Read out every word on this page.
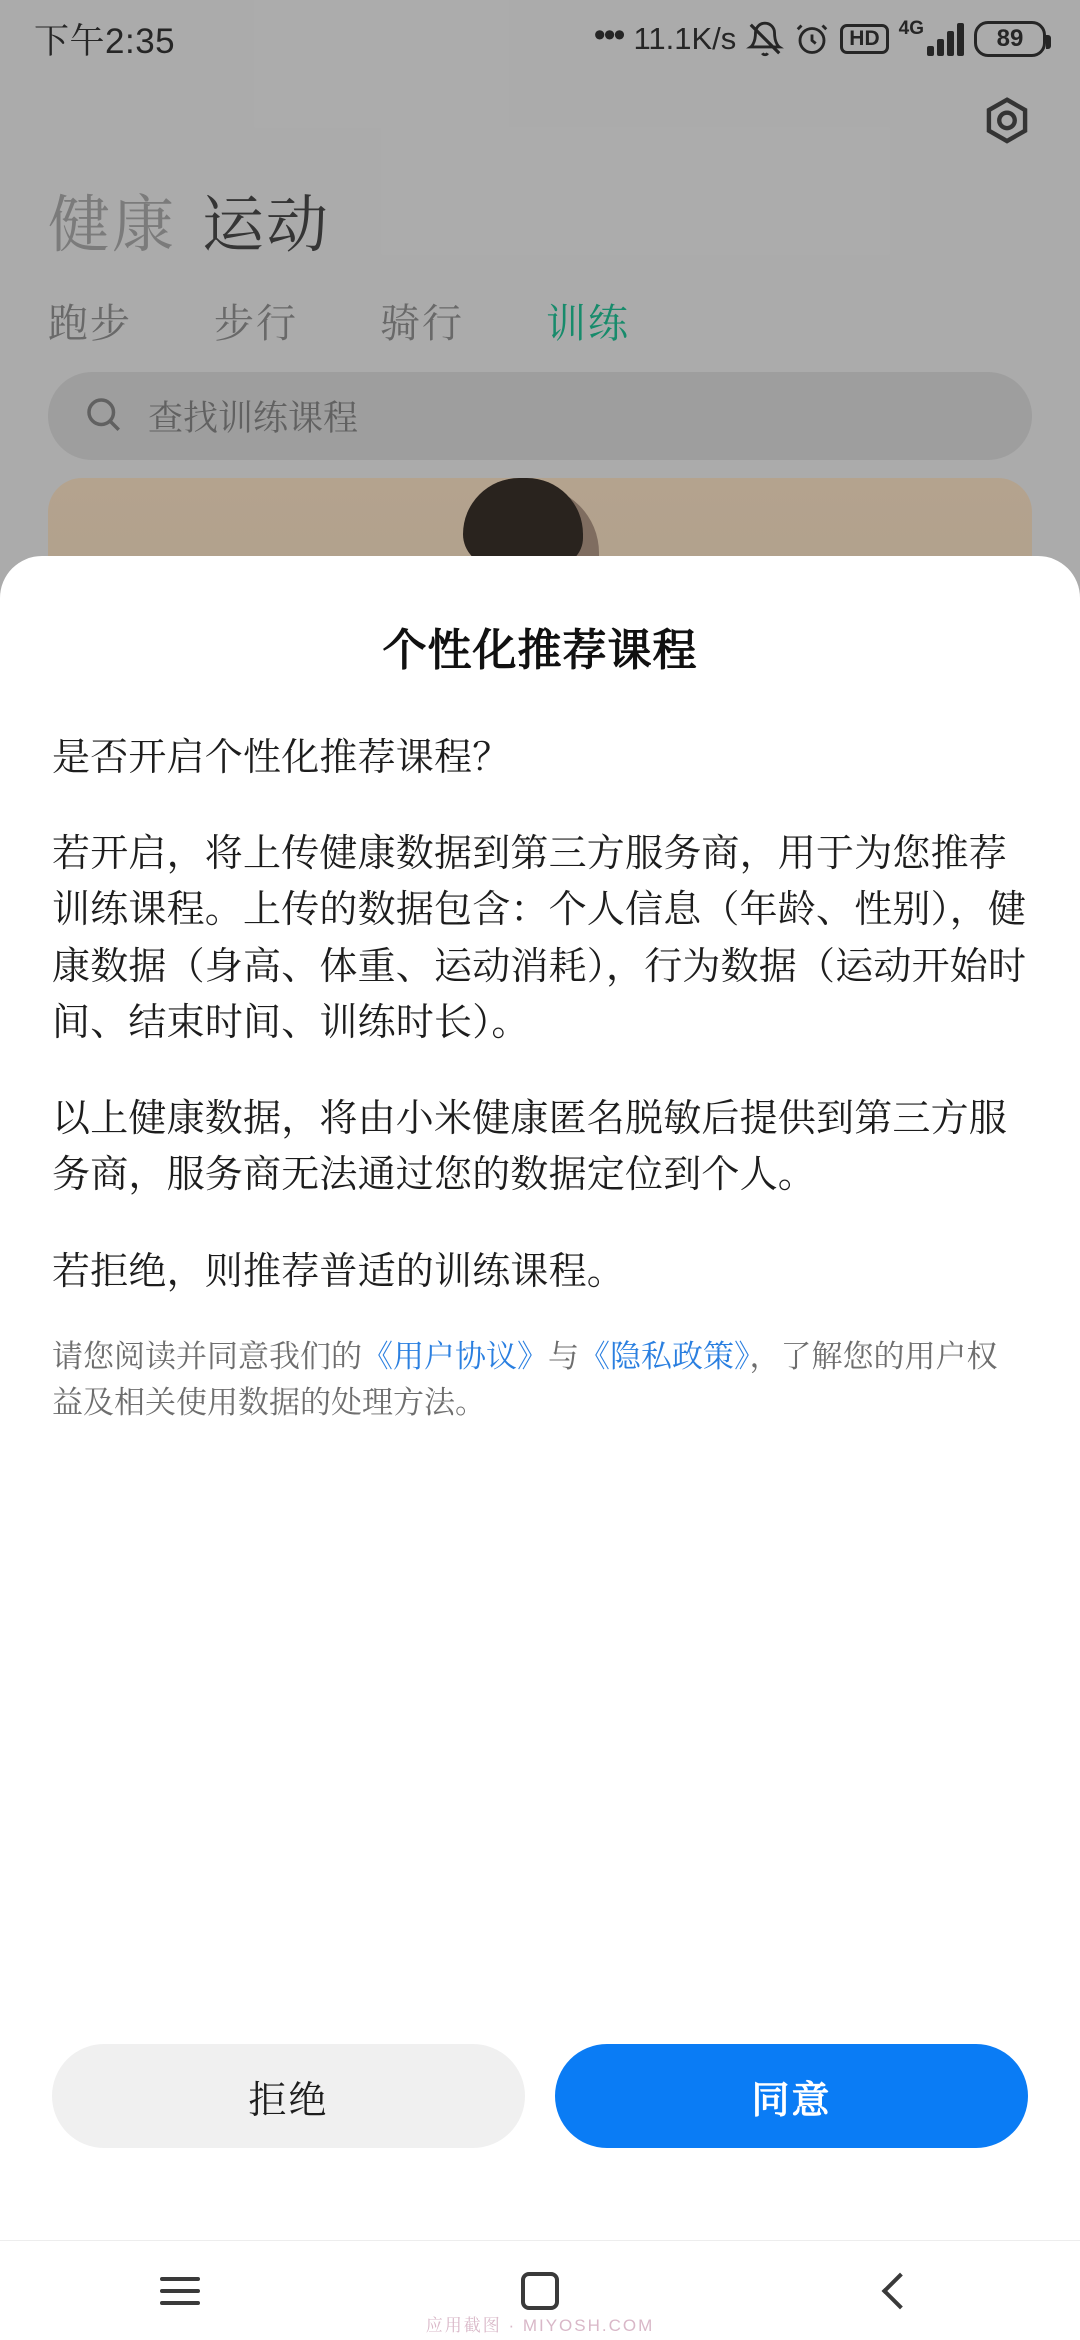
下午2:35	••• 11.1K/s	HD	4G	89
健康 运动
跑步 步行 骑行 训练
查找训练课程
个性化推荐课程

是否开启个性化推荐课程？

若开启，将上传健康数据到第三方服务商，用于为您推荐训练课程。上传的数据包含：个人信息（年龄、性别），健康数据（身高、体重、运动消耗），行为数据（运动开始时间、结束时间、训练时长）。

以上健康数据，将由小米健康匿名脱敏后提供到第三方服务商，服务商无法通过您的数据定位到个人。

若拒绝，则推荐普适的训练课程。

请您阅读并同意我们的《用户协议》与《隐私政策》，了解您的用户权益及相关使用数据的处理方法。
拒绝	同意
应用截图 · MIYOSH.COM
